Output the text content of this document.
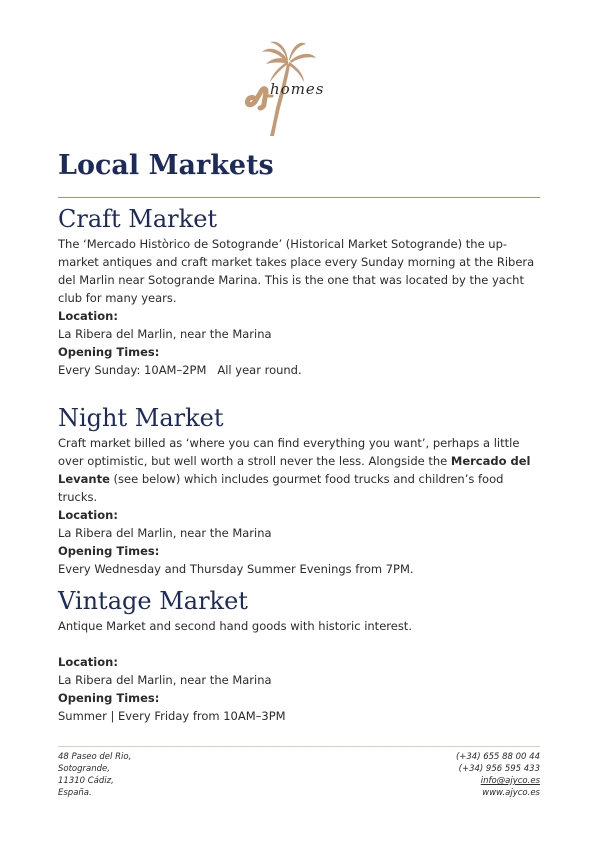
homes
Local Markets
Craft Market

The ‘Mercado Històrico de Sotogrande’ (Historical Market Sotogrande) the up-market antiques and craft market takes place every Sunday morning at the Ribera del Marlin near Sotogrande Marina. This is the one that was located by the yacht club for many years.

Location:

La Ribera del Marlin, near the Marina

Opening Times:

Every Sunday: 10AM–2PM   All year round.

Night Market

Craft market billed as ‘where you can find everything you want’, perhaps a little over optimistic, but well worth a stroll never the less. Alongside the Mercado del Levante (see below) which includes gourmet food trucks and children’s food trucks.

Location:

La Ribera del Marlin, near the Marina

Opening Times:

Every Wednesday and Thursday Summer Evenings from 7PM.

Vintage Market

Antique Market and second hand goods with historic interest.

Location:

La Ribera del Marlin, near the Marina

Opening Times:

Summer | Every Friday from 10AM–3PM

48 Paseo del Rio,
Sotogrande,
11310 Cádiz,
España.
(+34) 655 88 00 44
(+34) 956 595 433
info@ajyco.es
www.ajyco.es
